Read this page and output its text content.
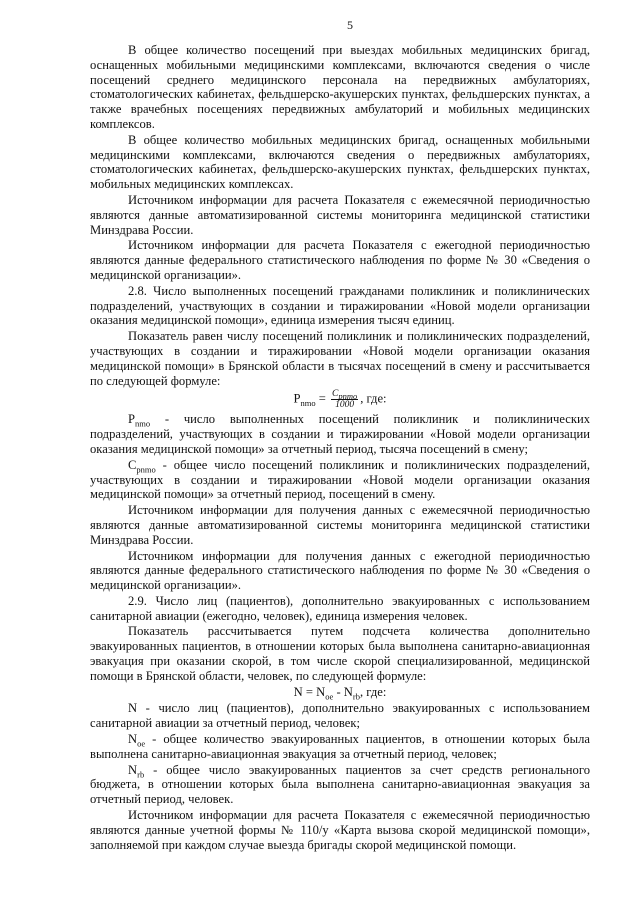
5

В общее количество посещений при выездах мобильных медицинских бригад, оснащенных мобильными медицинскими комплексами, включаются сведения о числе посещений среднего медицинского персонала на передвижных амбулаториях, стоматологических кабинетах, фельдшерско-акушерских пунктах, фельдшерских пунктах, а также врачебных посещениях передвижных амбулаторий и мобильных медицинских комплексов.

В общее количество мобильных медицинских бригад, оснащенных мобильными медицинскими комплексами, включаются сведения о передвижных амбулаториях, стоматологических кабинетах, фельдшерско-акушерских пунктах, фельдшерских пунктах, мобильных медицинских комплексах.

Источником информации для расчета Показателя с ежемесячной периодичностью являются данные автоматизированной системы мониторинга медицинской статистики Минздрава России.

Источником информации для расчета Показателя с ежегодной периодичностью являются данные федерального статистического наблюдения по форме № 30 «Сведения о медицинской организации».

2.8. Число выполненных посещений гражданами поликлиник и поликлинических подразделений, участвующих в создании и тиражировании «Новой модели организации оказания медицинской помощи», единица измерения тысяч единиц.

Показатель равен числу посещений поликлиник и поликлинических подразделений, участвующих в создании и тиражировании «Новой модели организации оказания медицинской помощи» в Брянской области в тысячах посещений в смену и рассчитывается по следующей формуле:

$P_{nmo} = \frac{C_{pnmo}}{1000}$ , где:

$P_{nmo}$ - число выполненных посещений поликлиник и поликлинических подразделений, участвующих в создании и тиражировании «Новой модели организации оказания медицинской помощи» за отчетный период, тысяча посещений в смену;

$C_{pnmo}$ - общее число посещений поликлиник и поликлинических подразделений, участвующих в создании и тиражировании «Новой модели организации оказания медицинской помощи» за отчетный период, посещений в смену.

Источником информации для получения данных с ежемесячной периодичностью являются данные автоматизированной системы мониторинга медицинской статистики Минздрава России.

Источником информации для получения данных с ежегодной периодичностью являются данные федерального статистического наблюдения по форме № 30 «Сведения о медицинской организации».

2.9. Число лиц (пациентов), дополнительно эвакуированных с использованием санитарной авиации (ежегодно, человек), единица измерения человек.

Показатель рассчитывается путем подсчета количества дополнительно эвакуированных пациентов, в отношении которых была выполнена санитарно-авиационная эвакуация при оказании скорой, в том числе скорой специализированной, медицинской помощи в Брянской области, человек, по следующей формуле:

$N = N_{oe} - N_{rb}$, где:

N - число лиц (пациентов), дополнительно эвакуированных с использованием санитарной авиации за отчетный период, человек;

$N_{oe}$ - общее количество эвакуированных пациентов, в отношении которых была выполнена санитарно-авиационная эвакуация за отчетный период, человек;

$N_{rb}$ - общее число эвакуированных пациентов за счет средств регионального бюджета, в отношении которых была выполнена санитарно-авиационная эвакуация за отчетный период, человек.

Источником информации для расчета Показателя с ежемесячной периодичностью являются данные учетной формы № 110/у «Карта вызова скорой медицинской помощи», заполняемой при каждом случае выезда бригады скорой медицинской помощи.
